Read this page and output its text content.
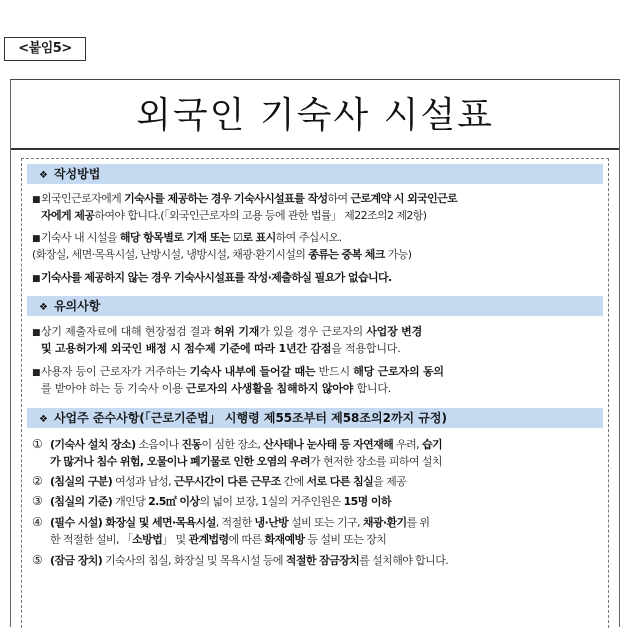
<붙임5>
외국인 기숙사 시설표
❖ 작성방법
■외국인근로자에게 기숙사를 제공하는 경우 기숙사시설표를 작성하여 근로계약 시 외국인근로
자에게 제공하여야 합니다.(「외국인근로자의 고용 등에 관한 법률」 제22조의2 제2항)
■기숙사 내 시설을 해당 항목별로 기재 또는 ☑로 표시하여 주십시오.
(화장실, 세면·목욕시설, 난방시설, 냉방시설, 채광·환기시설의 종류는 중복 체크 가능)
■기숙사를 제공하지 않는 경우 기숙사시설표를 작성·제출하실 필요가 없습니다.
❖ 유의사항
■상기 제출자료에 대해 현장점검 결과 허위 기재가 있을 경우 근로자의 사업장 변경
및 고용허가제 외국인 배정 시 점수제 기준에 따라 1년간 감점을 적용합니다.
■사용자 등이 근로자가 거주하는 기숙사 내부에 들어갈 때는 반드시 해당 근로자의 동의
를 받아야 하는 등 기숙사 이용 근로자의 사생활을 침해하지 않아야 합니다.
❖ 사업주 준수사항(「근로기준법」 시행령 제55조부터 제58조의2까지 규정)
① (기숙사 설치 장소) 소음이나 진동이 심한 장소, 산사태나 눈사태 등 자연재해 우려, 습기
가 많거나 침수 위험, 오물이나 폐기물로 인한 오염의 우려가 현저한 장소를 피하여 설치
② (침실의 구분) 여성과 남성, 근무시간이 다른 근무조 간에 서로 다른 침실을 제공
③ (침실의 기준) 개인당 2.5㎡ 이상의 넓이 보장, 1실의 거주인원은 15명 이하
④ (필수 시설) 화장실 및 세면·목욕시설, 적절한 냉·난방 설비 또는 기구, 채광·환기를 위
한 적절한 설비, 「소방법」 및 관계법령에 따른 화재예방 등 설비 또는 장치
⑤ (잠금 장치) 기숙사의 침실, 화장실 및 목욕시설 등에 적절한 잠금장치를 설치해야 합니다.
